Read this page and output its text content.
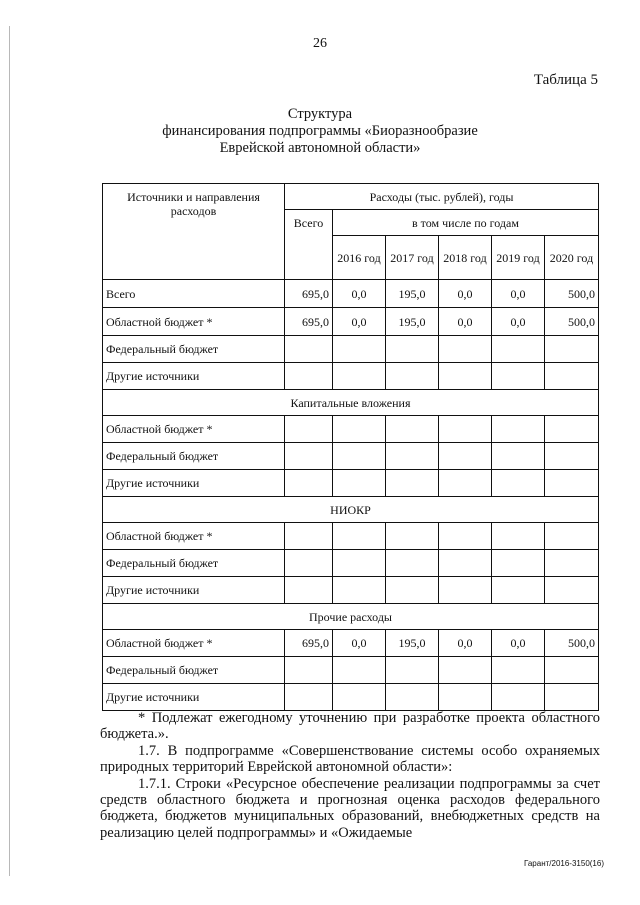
26
Таблица 5
Структура
финансирования подпрограммы «Биоразнообразие
Еврейской автономной области»
Источники и направления расходов	Расходы (тыс. рублей), годы					
	Всего	в том числе по годам				
		2016 год	2017 год	2018 год	2019 год	2020 год
Всего	695,0	0,0	195,0	0,0	0,0	500,0
Областной бюджет *	695,0	0,0	195,0	0,0	0,0	500,0
Федеральный бюджет						
Другие источники						
Капитальные вложения						
Областной бюджет *						
Федеральный бюджет						
Другие источники						
НИОКР						
Областной бюджет *						
Федеральный бюджет						
Другие источники						
Прочие расходы						
Областной бюджет *	695,0	0,0	195,0	0,0	0,0	500,0
Федеральный бюджет						
Другие источники						

* Подлежат ежегодному уточнению при разработке проекта областного бюджета.».

1.7. В подпрограмме «Совершенствование системы особо охраняемых природных территорий Еврейской автономной области»:

1.7.1. Строки «Ресурсное обеспечение реализации подпрограммы за счет средств областного бюджета и прогнозная оценка расходов федерального бюджета, бюджетов муниципальных образований, внебюджетных средств на реализацию целей подпрограммы» и «Ожидаемые

Гарант/2016-3150(16)
